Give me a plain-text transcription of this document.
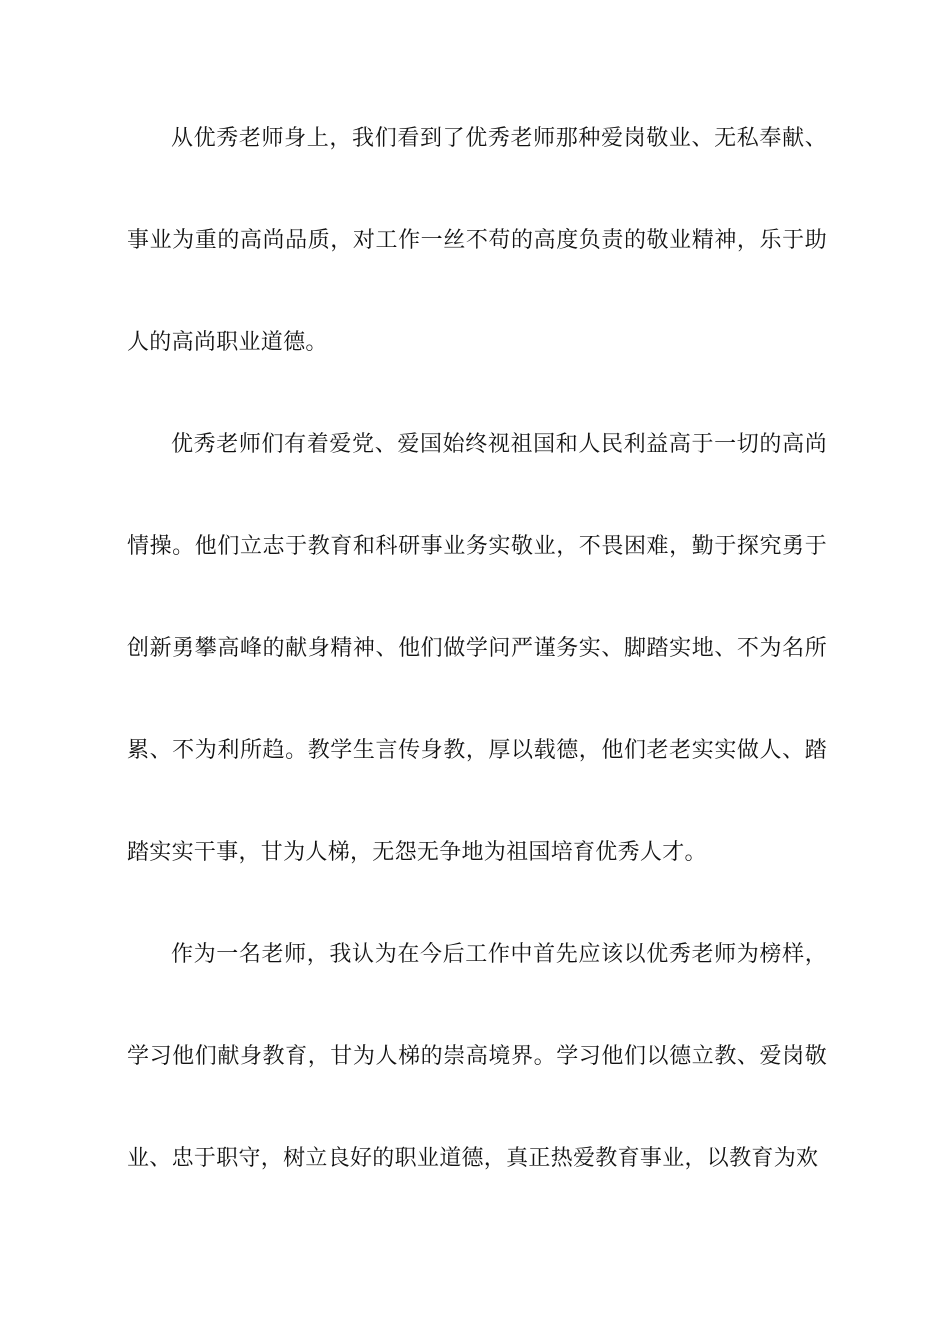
从优秀老师身上，我们看到了优秀老师那种爱岗敬业、无私奉献、事业为重的高尚品质，对工作一丝不苟的高度负责的敬业精神，乐于助人的高尚职业道德。

优秀老师们有着爱党、爱国始终视祖国和人民利益高于一切的高尚情操。他们立志于教育和科研事业务实敬业，不畏困难，勤于探究勇于创新勇攀高峰的献身精神、他们做学问严谨务实、脚踏实地、不为名所累、不为利所趋。教学生言传身教，厚以载德，他们老老实实做人、踏踏实实干事，甘为人梯，无怨无争地为祖国培育优秀人才。

作为一名老师，我认为在今后工作中首先应该以优秀老师为榜样，学习他们献身教育，甘为人梯的崇高境界。学习他们以德立教、爱岗敬业、忠于职守，树立良好的职业道德，真正热爱教育事业，以教育为欢
